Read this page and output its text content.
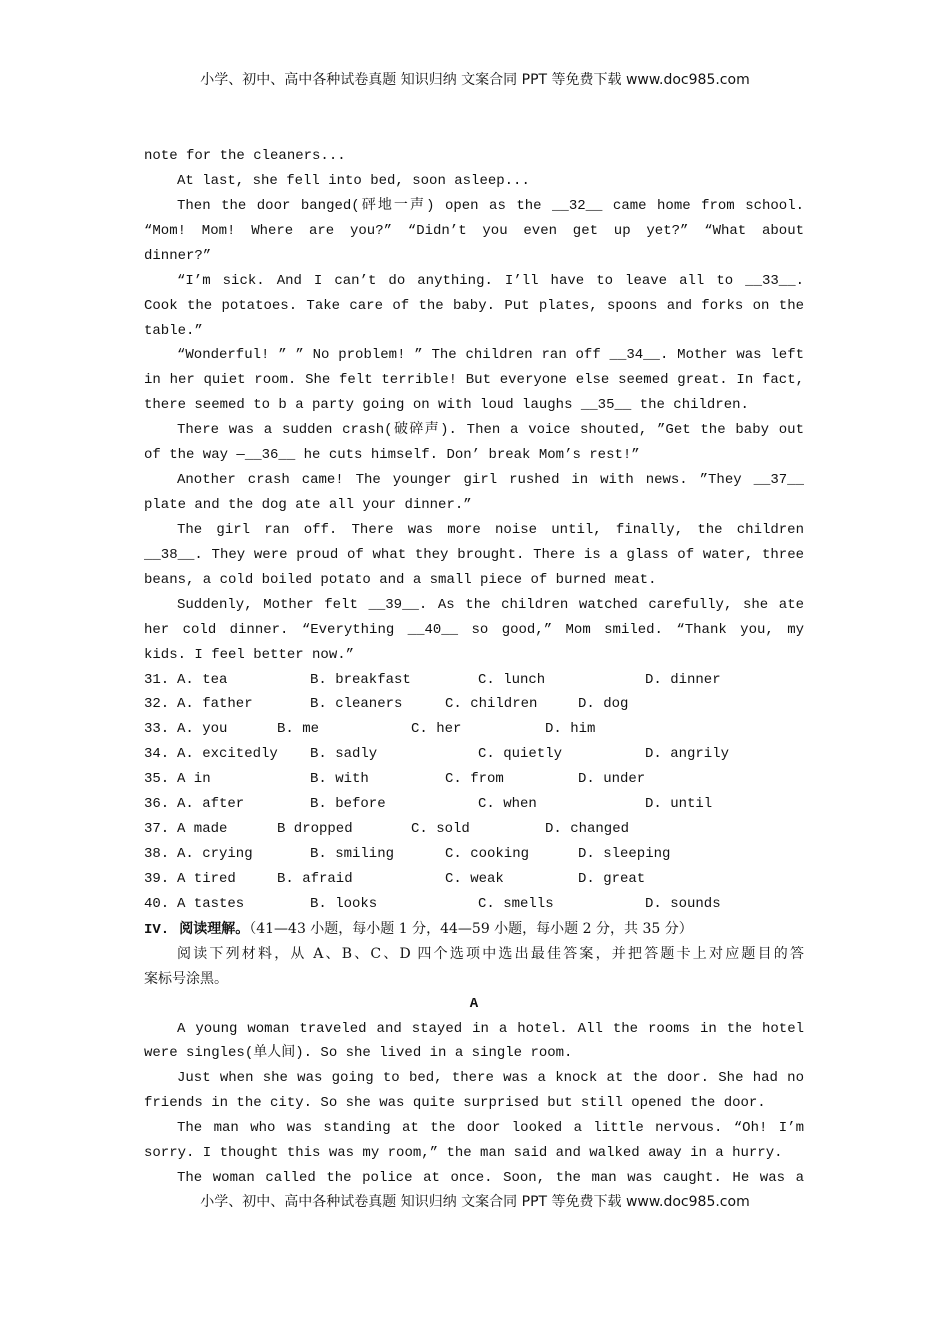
小学、初中、高中各种试卷真题 知识归纳 文案合同 PPT 等免费下载 www.doc985.com
note for the cleaners...
At last, she fell into bed, soon asleep...
Then the door banged(砰地一声) open as the __32__ came home from school.
“Mom! Mom! Where are you?” “Didn’t you even get up yet?” “What about
dinner?”
“I’m sick. And I can’t do anything. I’ll have to leave all to __33__.
Cook the potatoes. Take care of the baby. Put plates, spoons and forks on the
table.”
“Wonderful! ” ” No problem! ” The children ran off __34__. Mother was left
in her quiet room. She felt terrible! But everyone else seemed great. In fact,
there seemed to b a party going on with loud laughs __35__ the children.
There was a sudden crash(破碎声). Then a voice shouted, ”Get the baby out
of the way —__36__ he cuts himself. Don’ break Mom’s rest!”
Another crash came! The younger girl rushed in with news. ”They __37__
plate and the dog ate all your dinner.”
The girl ran off. There was more noise until, finally, the children
__38__. They were proud of what they brought. There is a glass of water, three
beans, a cold boiled potato and a small piece of burned meat.
Suddenly, Mother felt __39__. As the children watched carefully, she ate
her cold dinner. “Everything __40__ so good,” Mom smiled. “Thank you, my
kids. I feel better now.”
31. A. tea	B. breakfast	C. lunch	D. dinner
32. A. father	B. cleaners	C. children	D. dog
33. A. you	B. me	C. her	D. him
34. A. excitedly B. sadly	C. quietly	D. angrily
35. A in	B. with	C. from	D. under
36. A. after	B. before	C. when	D. until
37. A made	B dropped	C. sold	D. changed
38. A. crying	B. smiling	C. cooking	D. sleeping
39. A tired	B. afraid	C. weak	D. great
40. A tastes	B. looks	C. smells	D. sounds
IV. 阅读理解。（41—43 小题，每小题 1 分，44—59 小题，每小题 2 分，共 35 分）
阅读下列材料，从 A、B、C、D 四个选项中选出最佳答案，并把答题卡上对应题目的答
案标号涂黑。
A
A young woman traveled and stayed in a hotel. All the rooms in the hotel
were singles(单人间). So she lived in a single room.
Just when she was going to bed, there was a knock at the door. She had no
friends in the city. So she was quite surprised but still opened the door.
The man who was standing at the door looked a little nervous. “Oh! I’m
sorry. I thought this was my room,” the man said and walked away in a hurry.
The woman called the police at once. Soon, the man was caught. He was a
小学、初中、高中各种试卷真题 知识归纳 文案合同 PPT 等免费下载 www.doc985.com
